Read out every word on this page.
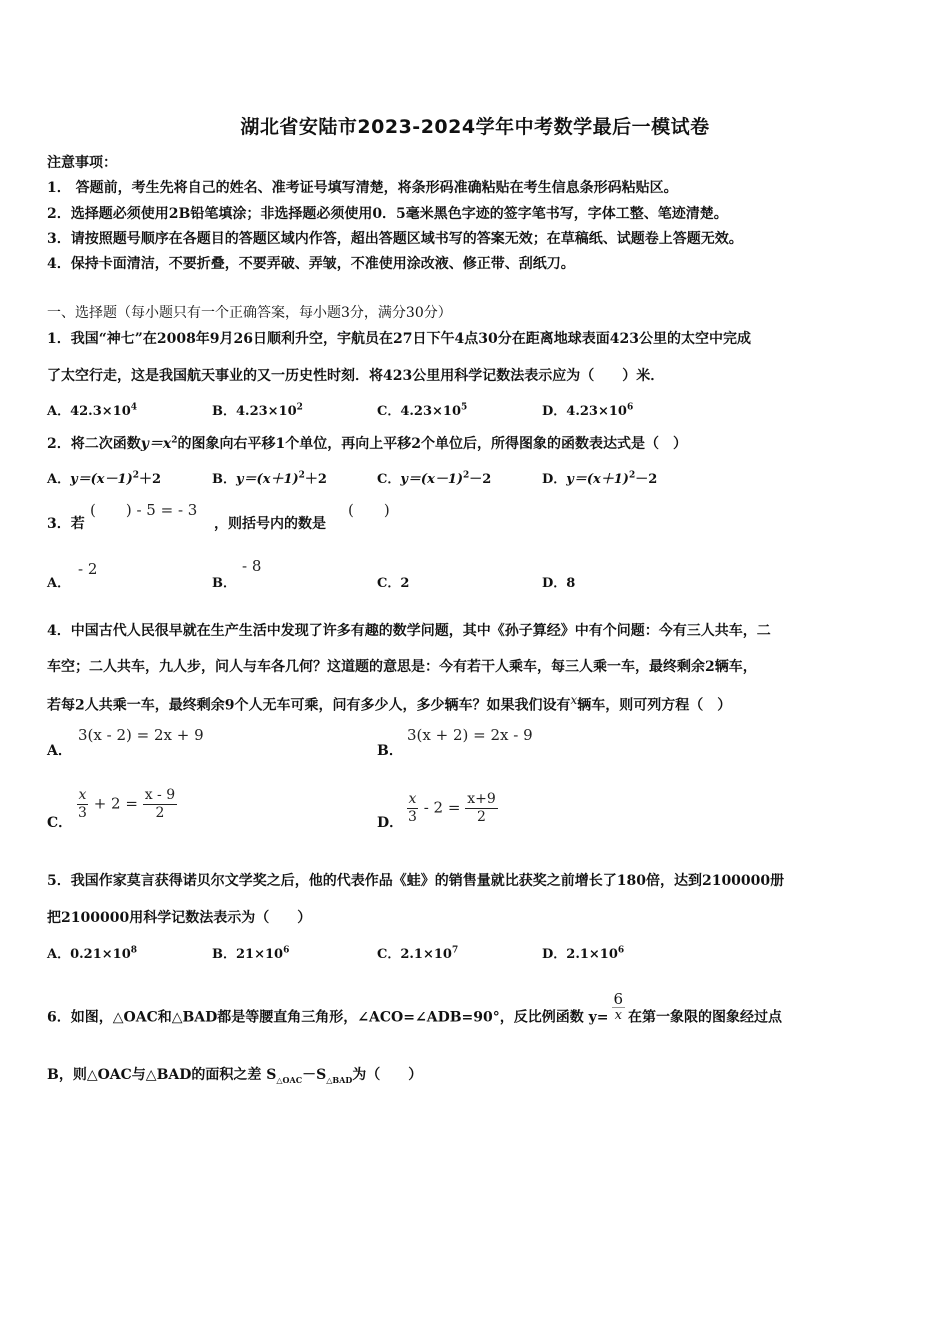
湖北省安陆市2023-2024学年中考数学最后一模试卷
注意事项：
1． 答题前，考生先将自己的姓名、准考证号填写清楚，将条形码准确粘贴在考生信息条形码粘贴区。
2．选择题必须使用2B铅笔填涂；非选择题必须使用0．5毫米黑色字迹的签字笔书写，字体工整、笔迹清楚。
3．请按照题号顺序在各题目的答题区域内作答，超出答题区域书写的答案无效；在草稿纸、试题卷上答题无效。
4．保持卡面清洁，不要折叠，不要弄破、弄皱，不准使用涂改液、修正带、刮纸刀。
一、选择题（每小题只有一个正确答案，每小题3分，满分30分）
1．我国“神七”在2008年9月26日顺利升空，宇航员在27日下午4点30分在距离地球表面423公里的太空中完成
了太空行走，这是我国航天事业的又一历史性时刻．将423公里用科学记数法表示应为（　　）米．
A．$42.3\times 10^4$	B．$4.23\times 10^2$	C．$4.23\times 10^5$	D．$4.23\times 10^6$
2．将二次函数$y=x^2$的图象向右平移1个单位，再向上平移2个单位后，所得图象的函数表达式是（　）
A．$y=(x-1)^2+2$	B．$y=(x+1)^2+2$	C．$y=(x-1)^2-2$	D．$y=(x+1)^2-2$
3．若
(　　) - 5 = - 3
，则括号内的数是
(　　)
A．	B．	C．2	D．8
- 2	- 8
4．中国古代人民很早就在生产生活中发现了许多有趣的数学问题，其中《孙子算经》中有个问题：今有三人共车，二
车空；二人共车，九人步，问人与车各几何？这道题的意思是：今有若干人乘车，每三人乘一车，最终剩余2辆车，
若每2人共乘一车，最终剩余9个人无车可乘，问有多少人，多少辆车？如果我们设有x辆车，则可列方程（　）
A．
3(x - 2) = 2x + 9
B．
3(x + 2) = 2x - 9
C．
$\frac{x}{3} + 2 = \frac{x - 9}{2}$
D． $\frac{x}{3} - 2 = \frac{x+9}{2}$
5．我国作家莫言获得诺贝尔文学奖之后，他的代表作品《蛙》的销售量就比获奖之前增长了180倍，达到2100000册
把2100000用科学记数法表示为（　　）
A．$0.21\times 10^8$	B．$21\times 10^6$	C．$2.1\times 10^7$	D．$2.1\times 10^6$
6．如图，△OAC和△BAD都是等腰直角三角形，∠ACO=∠ADB=90°，反比例函数 $y= \frac{6}{x}$ 在第一象限的图象经过点
B，则△OAC与△BAD的面积之差 $S_{\triangle OAC}-S_{\triangle BAD}$为（　　）
